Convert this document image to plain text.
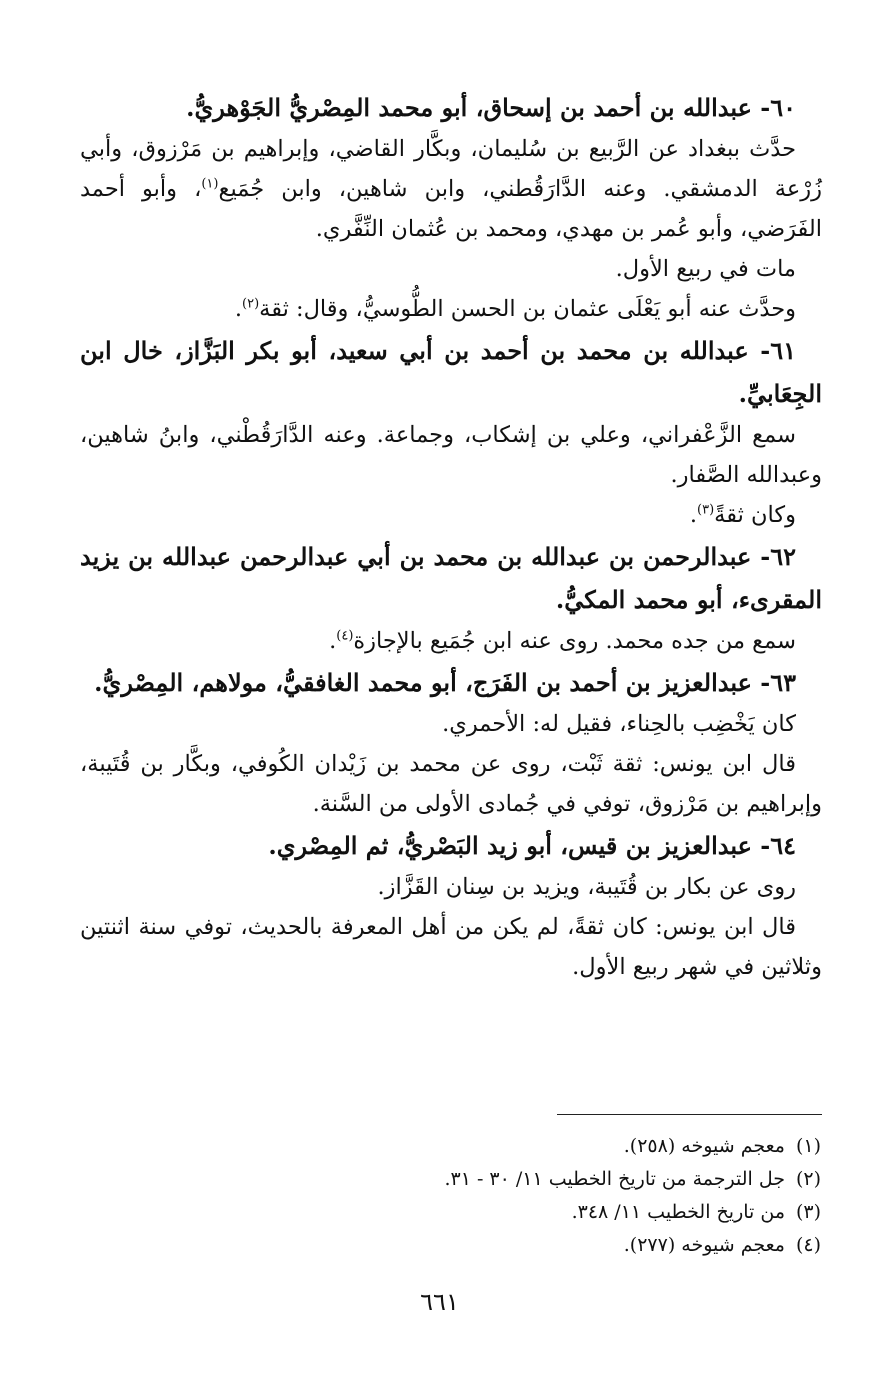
٦٠- عبدالله بن أحمد بن إسحاق، أبو محمد المِصْريُّ الجَوْهريُّ.

حدَّث ببغداد عن الرَّبيع بن سُليمان، وبكَّار القاضي، وإبراهيم بن مَرْزوق، وأبي زُرْعة الدمشقي. وعنه الدَّارَقُطني، وابن شاهين، وابن جُمَيع$^{(١)}$، وأبو أحمد الفَرَضي، وأبو عُمر بن مهدي، ومحمد بن عُثمان النِّفَّري.

مات في ربيع الأول.

وحدَّث عنه أبو يَعْلَى عثمان بن الحسن الطُّوسيُّ، وقال: ثقة$^{(٢)}$.

٦١- عبدالله بن محمد بن أحمد بن أبي سعيد، أبو بكر البَزَّاز، خال ابن الجِعَابيِّ.

سمع الزَّعْفراني، وعلي بن إشكاب، وجماعة. وعنه الدَّارَقُطْني، وابنُ شاهين، وعبدالله الصَّفار.

وكان ثقةً$^{(٣)}$.

٦٢- عبدالرحمن بن عبدالله بن محمد بن أبي عبدالرحمن عبدالله بن يزيد المقرىء، أبو محمد المكيُّ.

سمع من جده محمد. روى عنه ابن جُمَيع بالإجازة$^{(٤)}$.

٦٣- عبدالعزيز بن أحمد بن الفَرَج، أبو محمد الغافقيُّ، مولاهم، المِصْريُّ.

كان يَخْضِب بالحِناء، فقيل له: الأحمري.

قال ابن يونس: ثقة ثَبْت، روى عن محمد بن زَيْدان الكُوفي، وبكَّار بن قُتَيبة، وإبراهيم بن مَرْزوق، توفي في جُمادى الأولى من السَّنة.

٦٤- عبدالعزيز بن قيس، أبو زيد البَصْريُّ، ثم المِصْري.

روى عن بكار بن قُتَيبة، ويزيد بن سِنان القَزَّاز.

قال ابن يونس: كان ثقةً، لم يكن من أهل المعرفة بالحديث، توفي سنة اثنتين وثلاثين في شهر ربيع الأول.

(١)معجم شيوخه (٢٥٨).

(٢)جل الترجمة من تاريخ الخطيب ١١/ ٣٠ - ٣١.

(٣)من تاريخ الخطيب ١١/ ٣٤٨.

(٤)معجم شيوخه (٢٧٧).

٦٦١
